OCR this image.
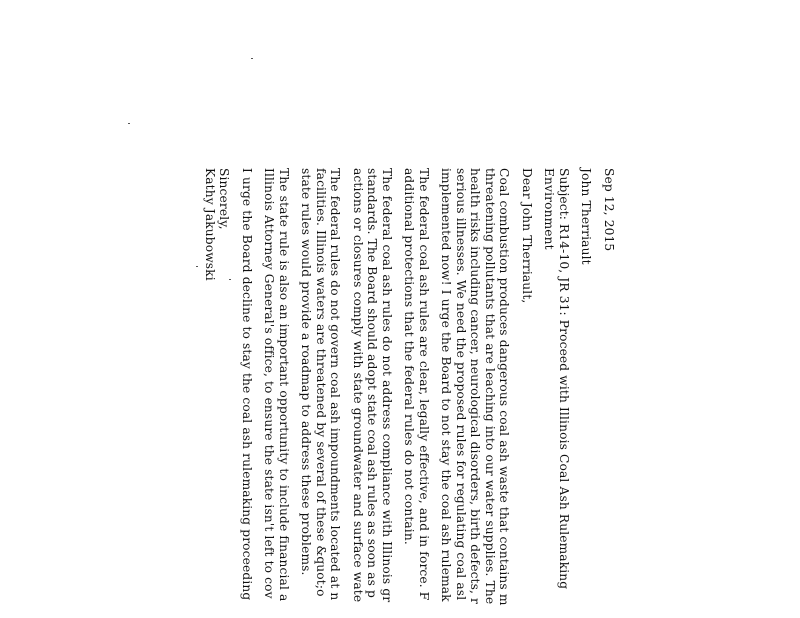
Sep 12, 2015
John Therriault
Subject: R14-10, JR 31: Proceed with Illinois Coal Ash Rulemaking
Environment
Dear John Therriault,
Coal combustion produces dangerous coal ash waste that contains m
threatening pollutants that are leaching into our water supplies. The
health risks including cancer, neurological disorders, birth defects, r
serious illnesses. We need the proposed rules for regulating coal asl
implemented now! I urge the Board to not stay the coal ash rulemak
The federal coal ash rules are clear, legally effective, and in force. F
additional protections that the federal rules do not contain.
The federal coal ash rules do not address compliance with Illinois gr
standards. The Board should adopt state coal ash rules as soon as p
actions or closures comply with state groundwater and surface wate
The federal rules do not govern coal ash impoundments located at n
facilities. Illinois waters are threatened by several of these &quot;o
state rules would provide a roadmap to address these problems.
The state rule is also an important opportunity to include financial a
Illinois Attorney General's office, to ensure the state isn't left to cov
I urge the Board decline to stay the coal ash rulemaking proceeding
Sincerely,
Kathy Jakubowski
